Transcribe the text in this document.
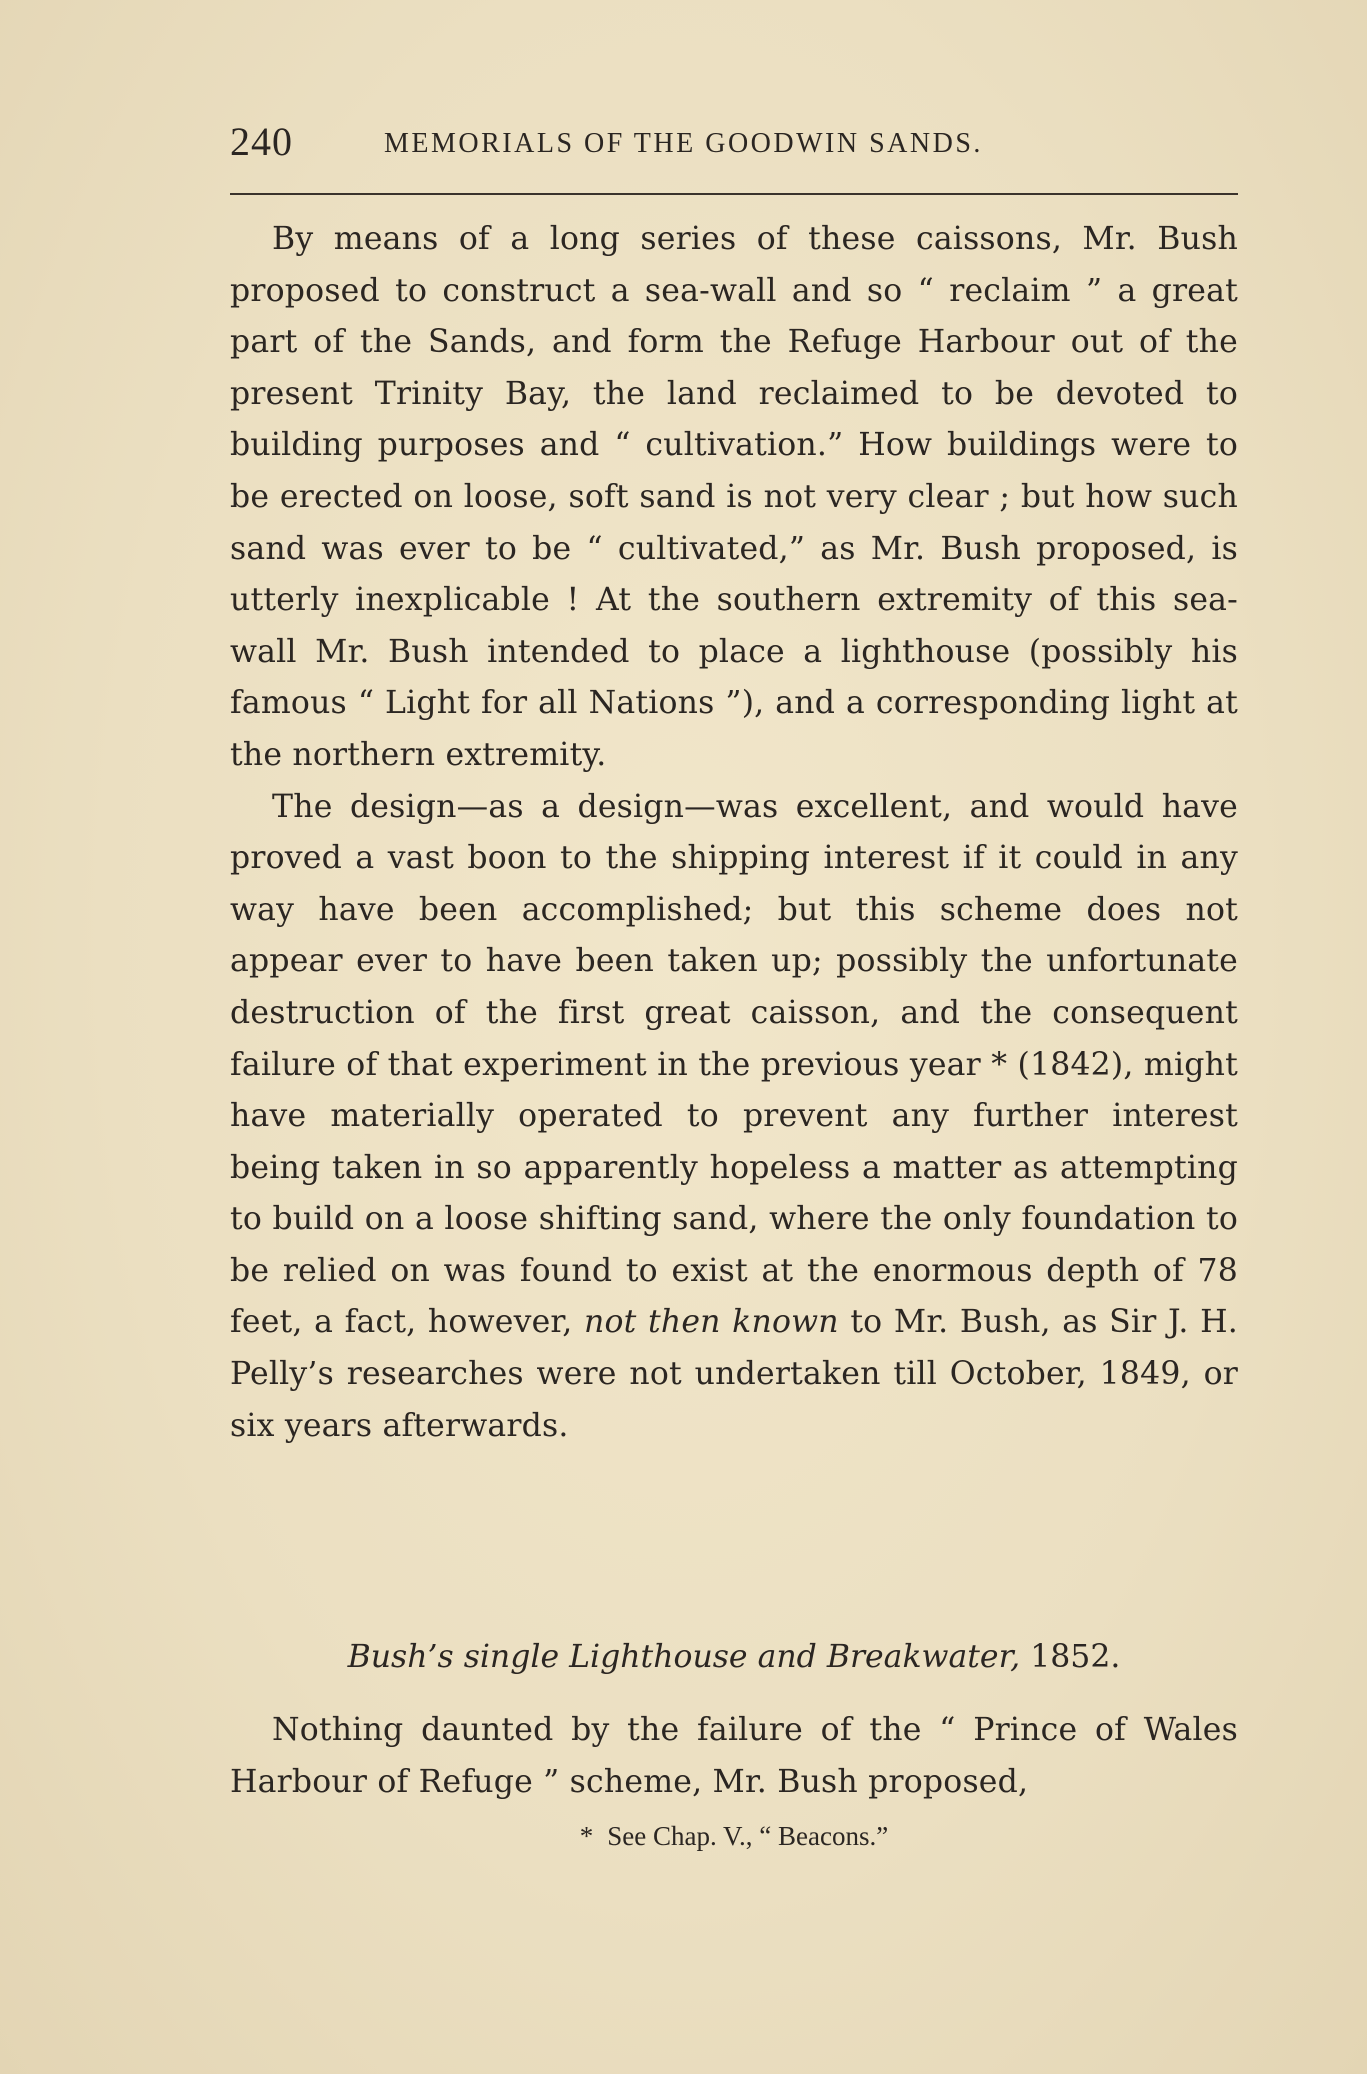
240	MEMORIALS OF THE GOODWIN SANDS.

By means of a long series of these caissons, Mr. Bush proposed to construct a sea-wall and so “ reclaim ” a great part of the Sands, and form the Refuge Harbour out of the present Trinity Bay, the land reclaimed to be devoted to building purposes and “ cultivation.” How buildings were to be erected on loose, soft sand is not very clear ; but how such sand was ever to be “ cultivated,” as Mr. Bush proposed, is utterly inexplicable ! At the southern extremity of this sea-wall Mr. Bush intended to place a lighthouse (possibly his famous “ Light for all Nations ”), and a corresponding light at the northern extremity.

The design—as a design—was excellent, and would have proved a vast boon to the shipping interest if it could in any way have been accomplished; but this scheme does not appear ever to have been taken up; possibly the unfortunate destruction of the first great caisson, and the consequent failure of that experiment in the previous year * (1842), might have materially operated to prevent any further interest being taken in so apparently hopeless a matter as attempting to build on a loose shifting sand, where the only foundation to be relied on was found to exist at the enormous depth of 78 feet, a fact, however, not then known to Mr. Bush, as Sir J. H. Pelly’s researches were not undertaken till October, 1849, or six years afterwards.

Bush’s single Lighthouse and Breakwater, 1852.

Nothing daunted by the failure of the “ Prince of Wales Harbour of Refuge ” scheme, Mr. Bush proposed,

* See Chap. V., “ Beacons.”
